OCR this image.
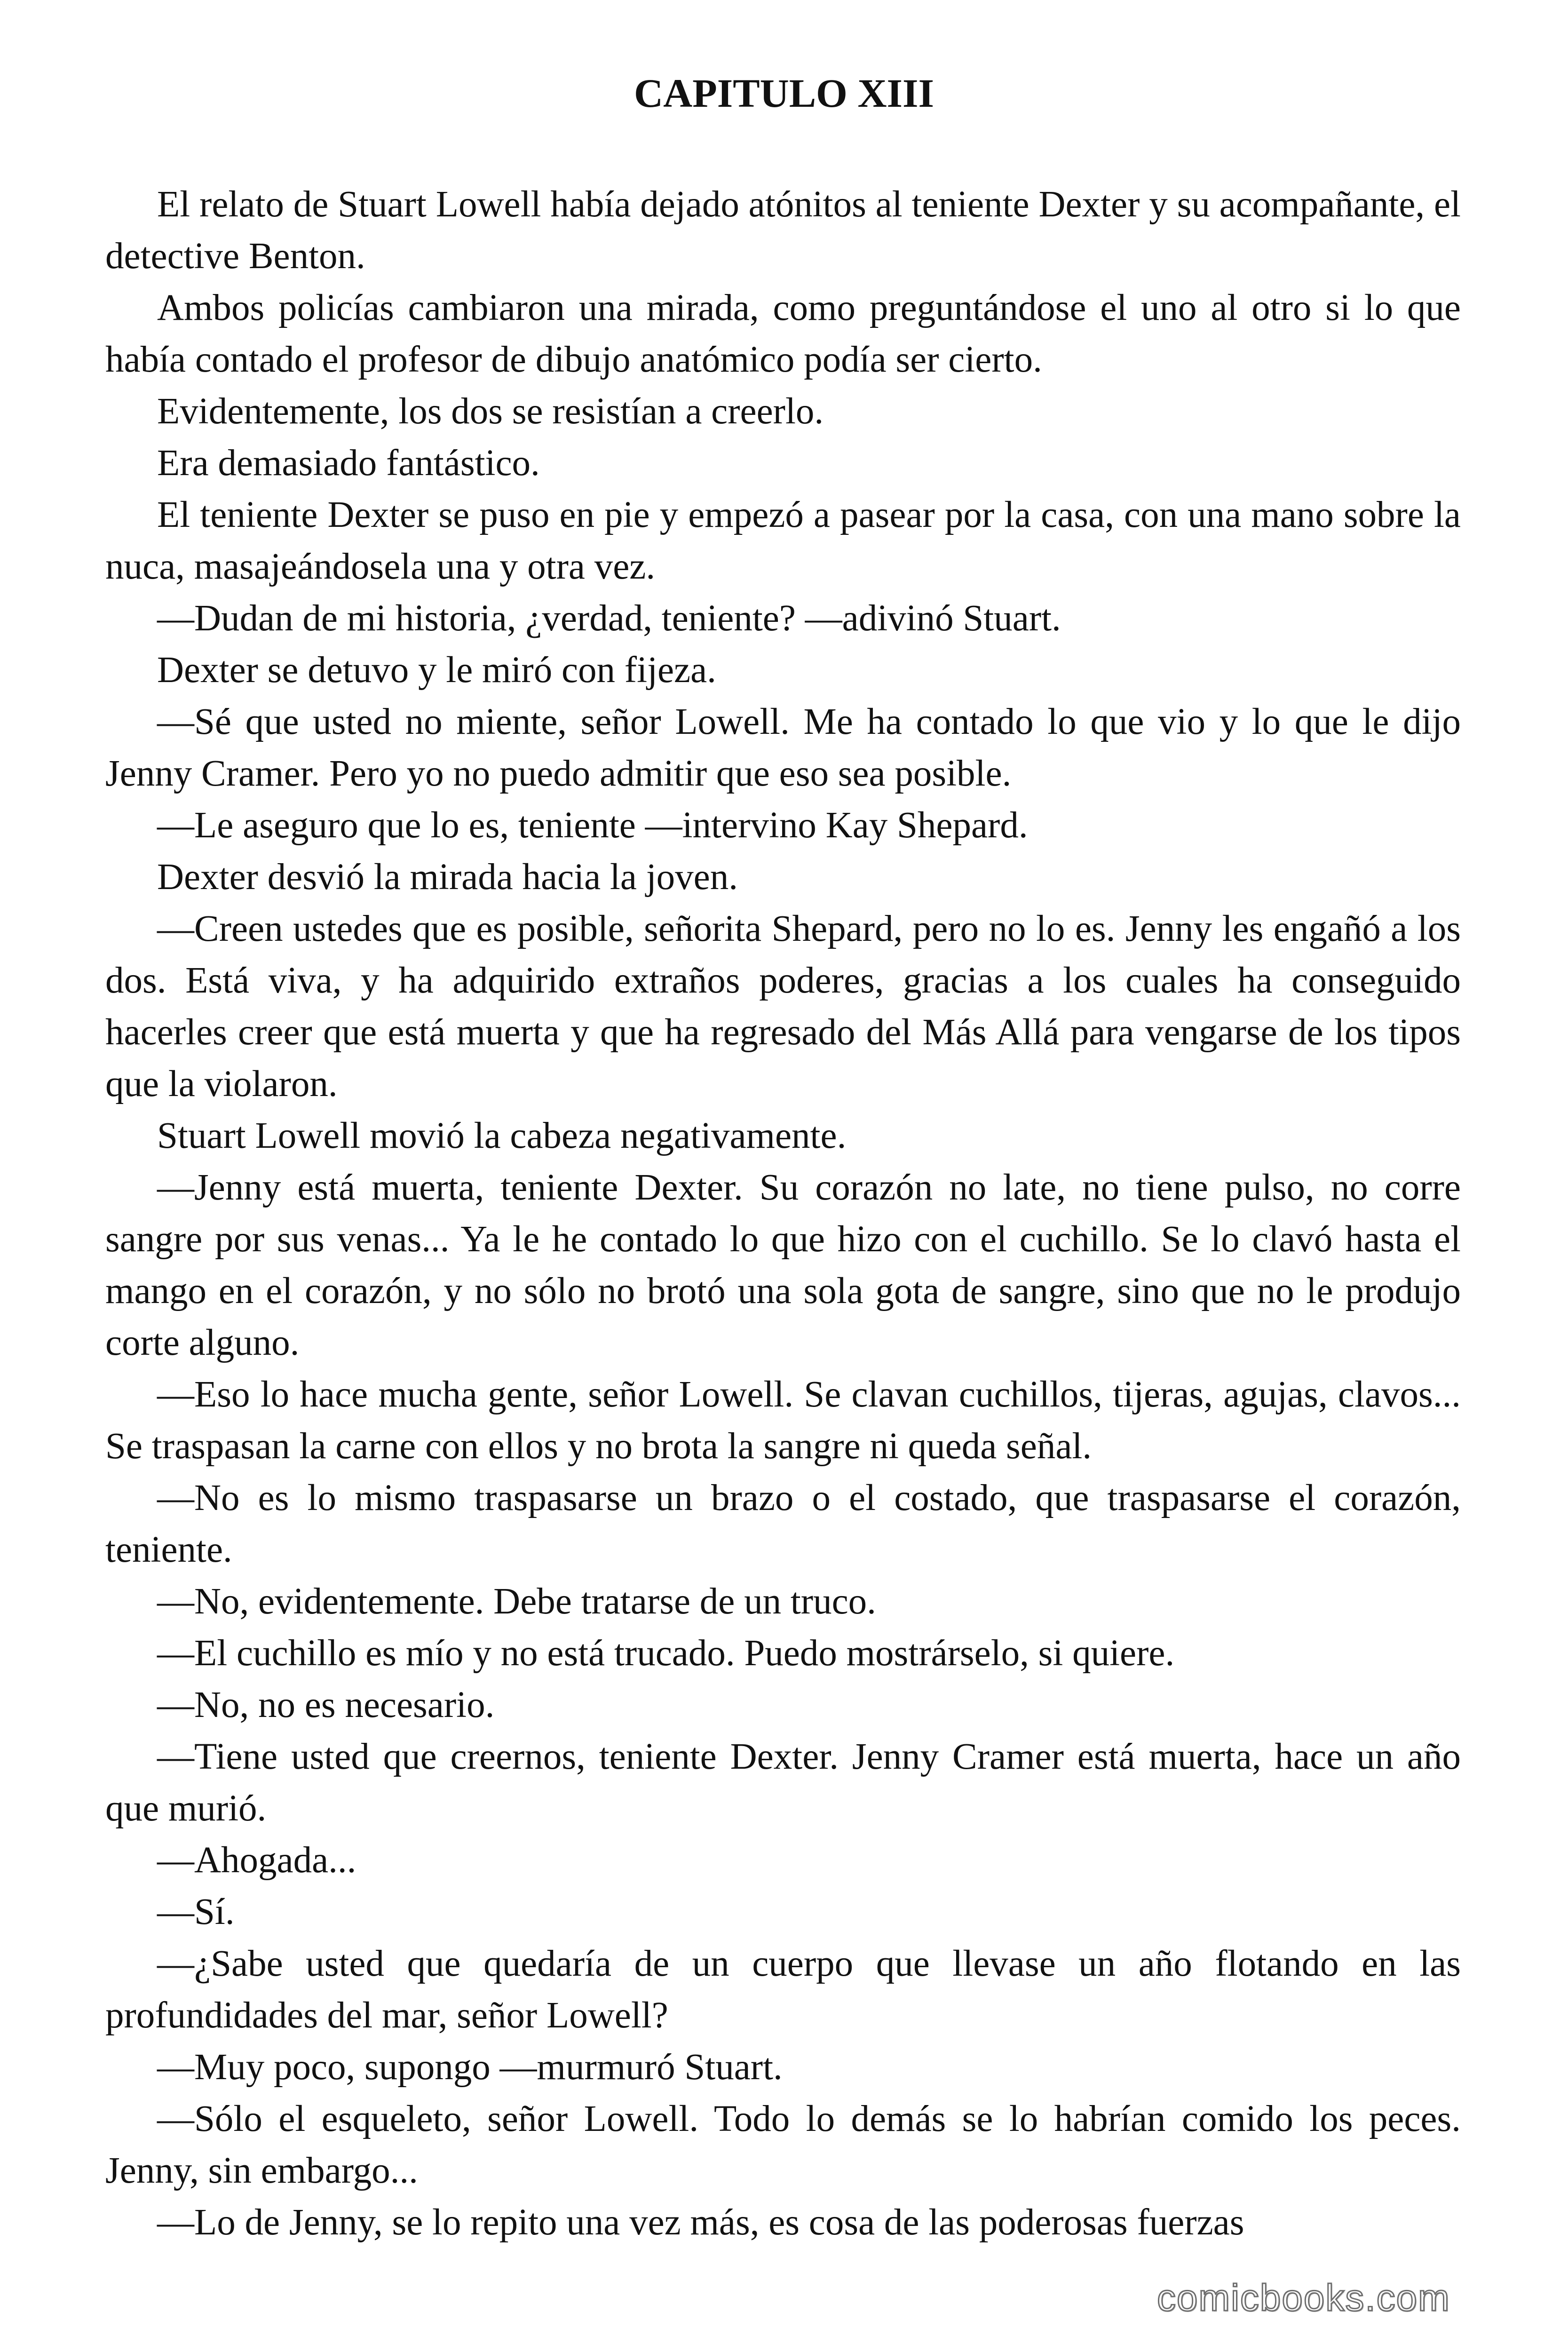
CAPITULO XIII

El relato de Stuart Lowell había dejado atónitos al teniente Dexter y su acompañante, el detective Benton.

Ambos policías cambiaron una mirada, como preguntándose el uno al otro si lo que había contado el profesor de dibujo anatómico podía ser cierto.

Evidentemente, los dos se resistían a creerlo.

Era demasiado fantástico.

El teniente Dexter se puso en pie y empezó a pasear por la casa, con una mano sobre la nuca, masajeándosela una y otra vez.

—Dudan de mi historia, ¿verdad, teniente? —adivinó Stuart.

Dexter se detuvo y le miró con fijeza.

—Sé que usted no miente, señor Lowell. Me ha contado lo que vio y lo que le dijo Jenny Cramer. Pero yo no puedo admitir que eso sea posible.

—Le aseguro que lo es, teniente —intervino Kay Shepard.

Dexter desvió la mirada hacia la joven.

—Creen ustedes que es posible, señorita Shepard, pero no lo es. Jenny les engañó a los dos. Está viva, y ha adquirido extraños poderes, gracias a los cuales ha conseguido hacerles creer que está muerta y que ha regresado del Más Allá para vengarse de los tipos que la violaron.

Stuart Lowell movió la cabeza negativamente.

—Jenny está muerta, teniente Dexter. Su corazón no late, no tiene pulso, no corre sangre por sus venas... Ya le he contado lo que hizo con el cuchillo. Se lo clavó hasta el mango en el corazón, y no sólo no brotó una sola gota de sangre, sino que no le produjo corte alguno.

—Eso lo hace mucha gente, señor Lowell. Se clavan cuchillos, tijeras, agujas, clavos... Se traspasan la carne con ellos y no brota la sangre ni queda señal.

—No es lo mismo traspasarse un brazo o el costado, que traspasarse el corazón, teniente.

—No, evidentemente. Debe tratarse de un truco.

—El cuchillo es mío y no está trucado. Puedo mostrárselo, si quiere.

—No, no es necesario.

—Tiene usted que creernos, teniente Dexter. Jenny Cramer está muerta, hace un año que murió.

—Ahogada...

—Sí.

—¿Sabe usted que quedaría de un cuerpo que llevase un año flotando en las profundidades del mar, señor Lowell?

—Muy poco, supongo —murmuró Stuart.

—Sólo el esqueleto, señor Lowell. Todo lo demás se lo habrían comido los peces. Jenny, sin embargo...

—Lo de Jenny, se lo repito una vez más, es cosa de las poderosas fuerzas

comicbooks.com
